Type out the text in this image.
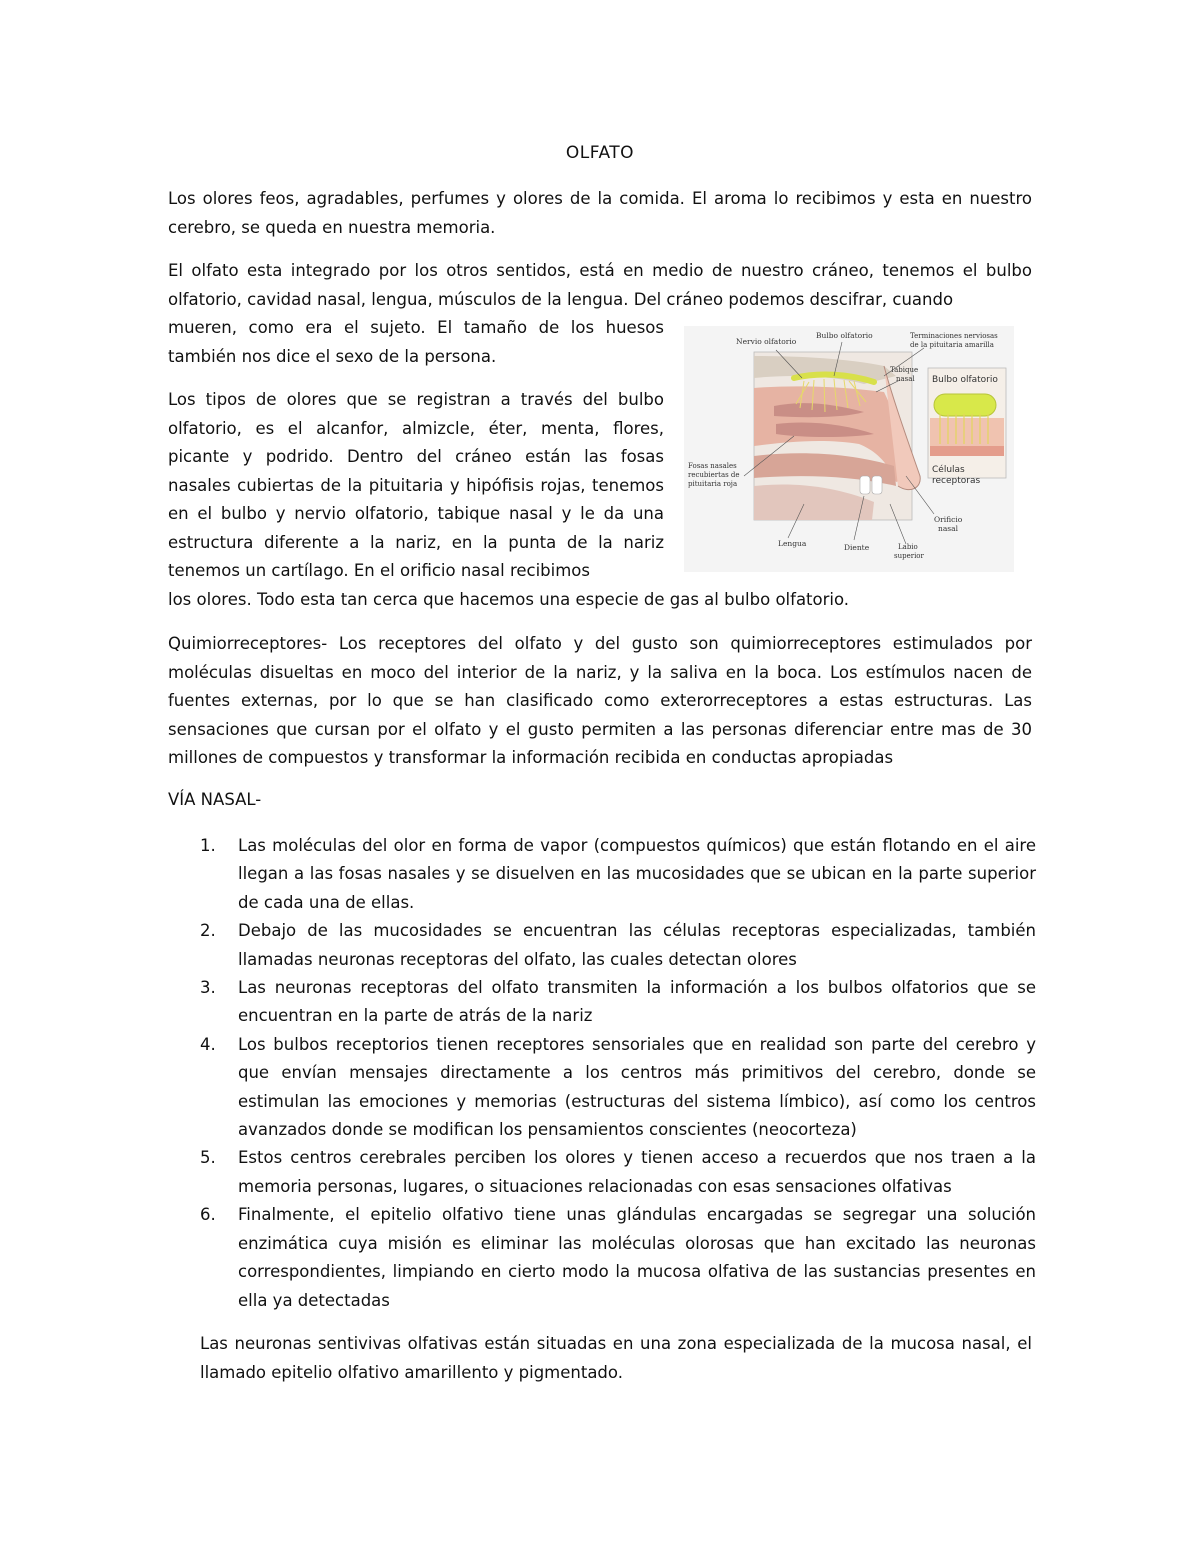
OLFATO
Los olores feos, agradables, perfumes y olores de la comida. El aroma lo recibimos y esta en nuestro cerebro, se queda en nuestra memoria.
El olfato esta integrado por los otros sentidos, está en medio de nuestro cráneo, tenemos el bulbo olfatorio, cavidad nasal, lengua, músculos de la lengua. Del cráneo podemos descifrar, cuando
mueren, como era el sujeto. El tamaño de los huesos también nos dice el sexo de la persona.
Los tipos de olores que se registran a través del bulbo olfatorio, es el alcanfor, almizcle, éter, menta, flores, picante y podrido. Dentro del cráneo están las fosas nasales cubiertas de la pituitaria y hipófisis rojas, tenemos en el bulbo y nervio olfatorio, tabique nasal y le da una estructura diferente a la nariz, en la punta de la nariz tenemos un cartílago. En el orificio nasal recibimos
los olores. Todo esta tan cerca que hacemos una especie de gas al bulbo olfatorio.
Quimiorreceptores- Los receptores del olfato y del gusto son quimiorreceptores estimulados por moléculas disueltas en moco del interior de la nariz, y la saliva en la boca. Los estímulos nacen de fuentes externas, por lo que se han clasificado como exterorreceptores a estas estructuras. Las sensaciones que cursan por el olfato y el gusto permiten a las personas diferenciar entre mas de 30 millones de compuestos y transformar la información recibida en conductas apropiadas
Nervio olfatorio
Bulbo olfatorio	Terminaciones nerviosas
de la pituitaria amarilla
Tabique
nasal Bulbo olfatorio
Fosas nasales
recubiertas de
pituitaria roja
Células
receptoras
Orificio
nasal
Lengua	Diente	Labio
superior
VÍA NASAL-
1. Las moléculas del olor en forma de vapor (compuestos químicos) que están flotando en el aire llegan a las fosas nasales y se disuelven en las mucosidades que se ubican en la parte superior de cada una de ellas.
2. Debajo de las mucosidades se encuentran las células receptoras especializadas, también llamadas neuronas receptoras del olfato, las cuales detectan olores
3. Las neuronas receptoras del olfato transmiten la información a los bulbos olfatorios que se encuentran en la parte de atrás de la nariz
4. Los bulbos receptorios tienen receptores sensoriales que en realidad son parte del cerebro y que envían mensajes directamente a los centros más primitivos del cerebro, donde se estimulan las emociones y memorias (estructuras del sistema límbico), así como los centros avanzados donde se modifican los pensamientos conscientes (neocorteza)
5. Estos centros cerebrales perciben los olores y tienen acceso a recuerdos que nos traen a la memoria personas, lugares, o situaciones relacionadas con esas sensaciones olfativas
6. Finalmente, el epitelio olfativo tiene unas glándulas encargadas se segregar una solución enzimática cuya misión es eliminar las moléculas olorosas que han excitado las neuronas correspondientes, limpiando en cierto modo la mucosa olfativa de las sustancias presentes en ella ya detectadas
Las neuronas sentivivas olfativas están situadas en una zona especializada de la mucosa nasal, el llamado epitelio olfativo amarillento y pigmentado.
